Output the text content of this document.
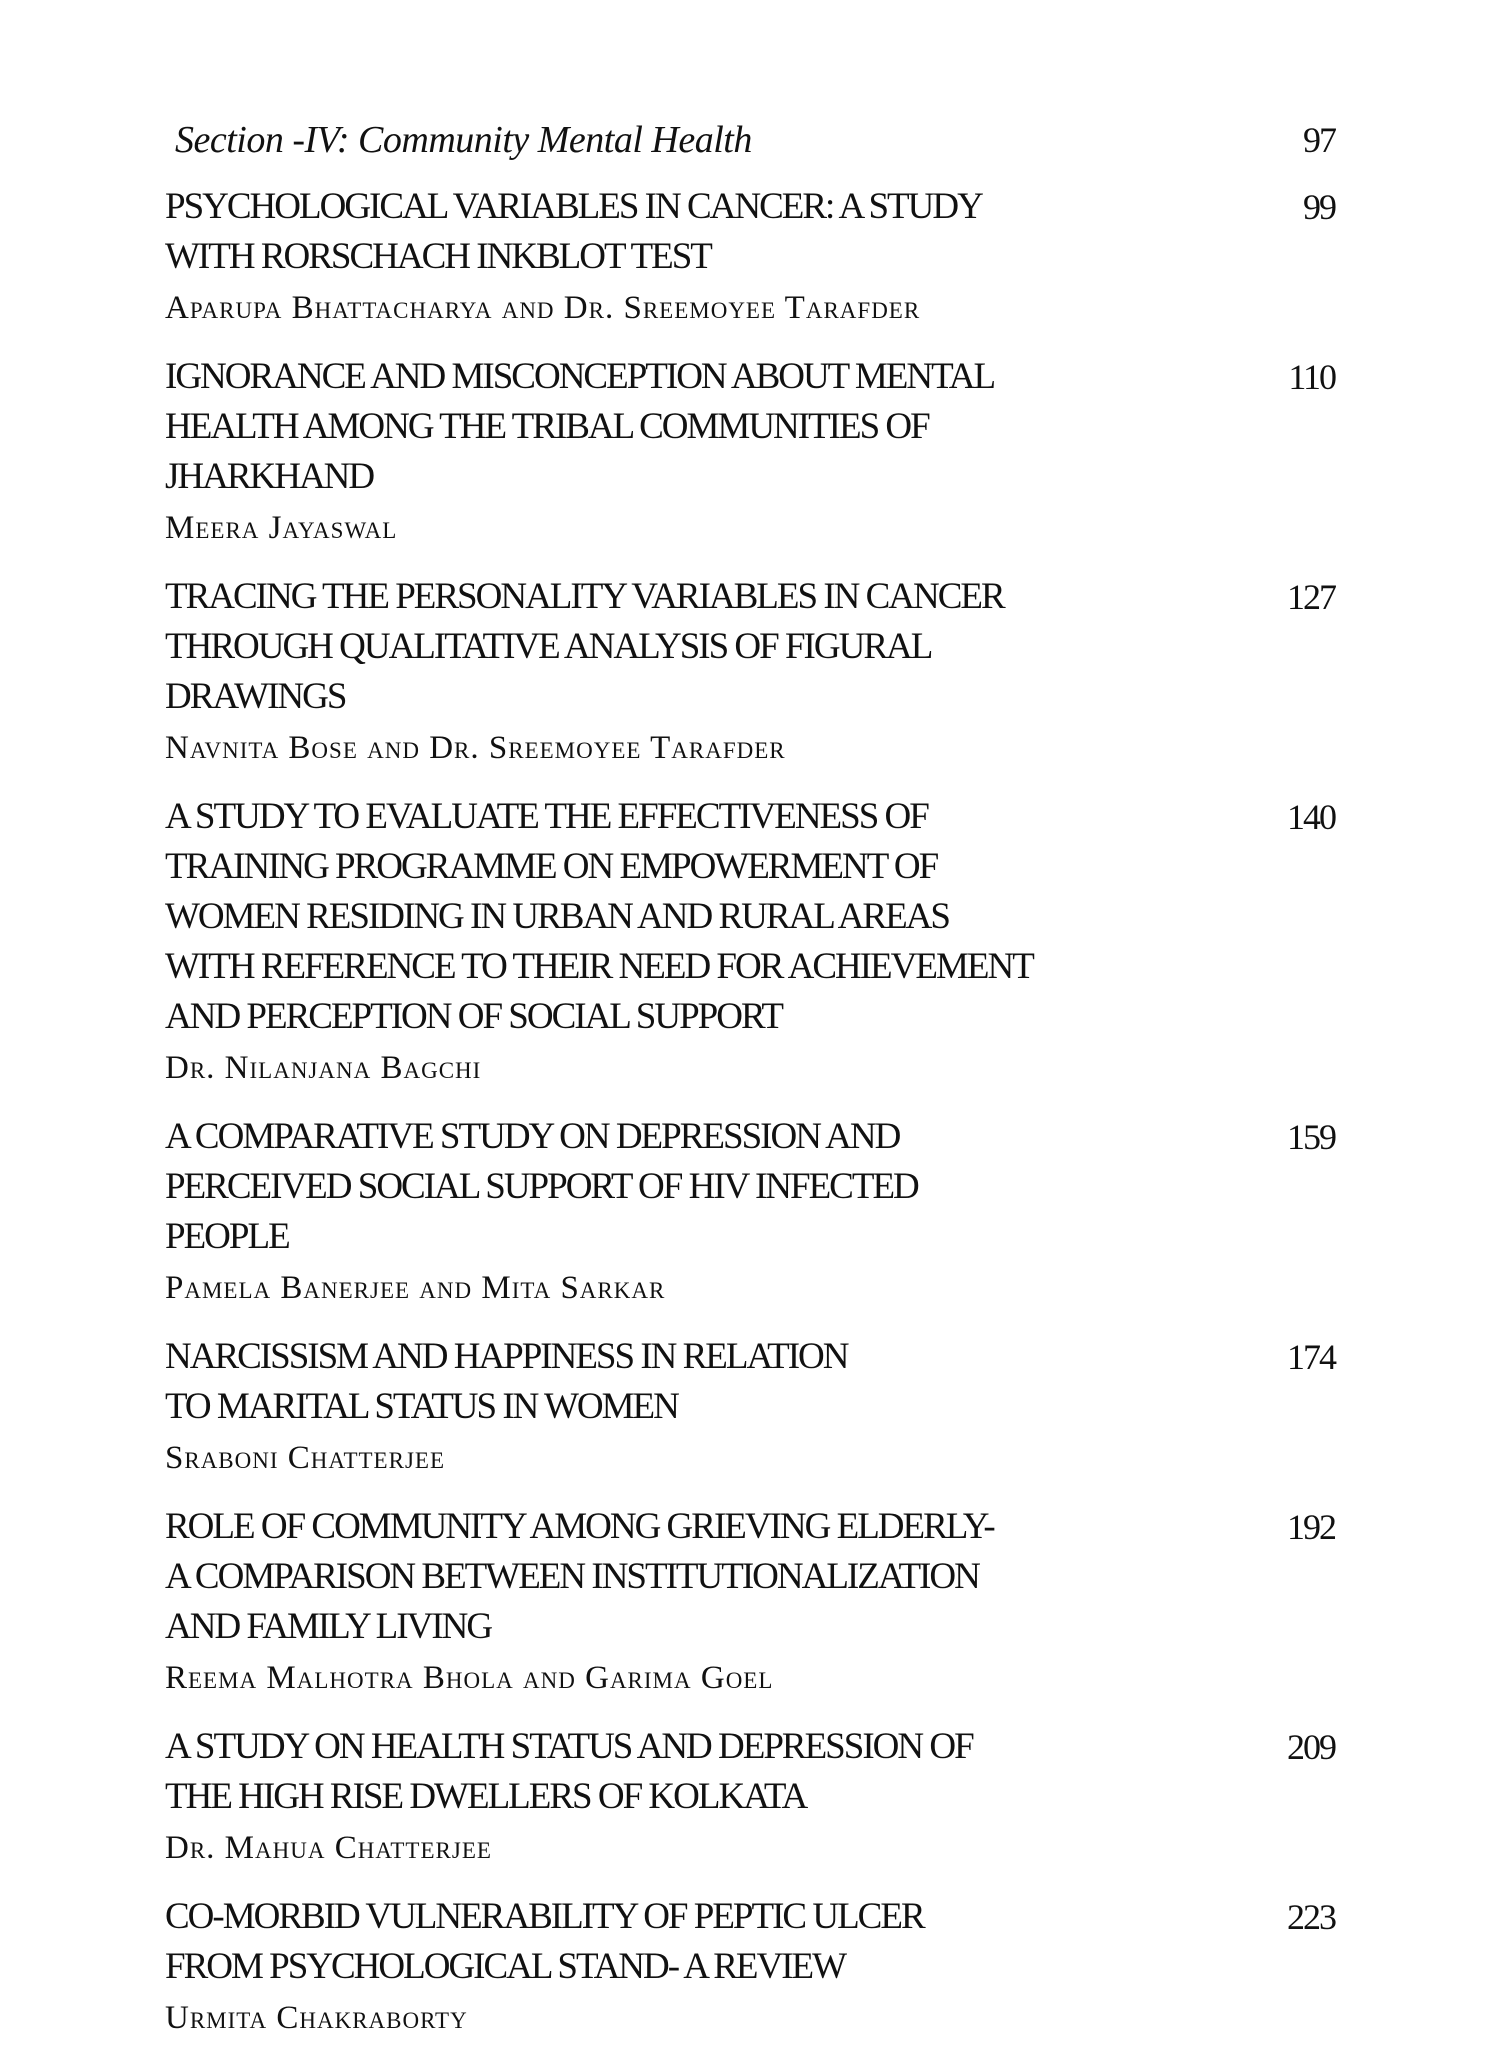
Section -IV: Community Mental Health	97
PSYCHOLOGICAL VARIABLES IN CANCER: A STUDY
WITH RORSCHACH INKBLOT TEST
Aparupa Bhattacharya and Dr. Sreemoyee Tarafder
99
IGNORANCE AND MISCONCEPTION ABOUT MENTAL
HEALTH AMONG THE TRIBAL COMMUNITIES OF
JHARKHAND
Meera Jayaswal
110
TRACING THE PERSONALITY VARIABLES IN CANCER
THROUGH QUALITATIVE ANALYSIS OF FIGURAL
DRAWINGS
Navnita Bose and Dr. Sreemoyee Tarafder
127
A STUDY TO EVALUATE THE EFFECTIVENESS OF
TRAINING PROGRAMME ON EMPOWERMENT OF
WOMEN RESIDING IN URBAN AND RURAL AREAS
WITH REFERENCE TO THEIR NEED FOR ACHIEVEMENT
AND PERCEPTION OF SOCIAL SUPPORT
Dr. Nilanjana Bagchi
140
A COMPARATIVE STUDY ON DEPRESSION AND
PERCEIVED SOCIAL SUPPORT OF HIV INFECTED
PEOPLE
Pamela Banerjee and Mita Sarkar
159
NARCISSISM AND HAPPINESS IN RELATION
TO MARITAL STATUS IN WOMEN
Sraboni Chatterjee
174
ROLE OF COMMUNITY AMONG GRIEVING ELDERLY-
A COMPARISON BETWEEN INSTITUTIONALIZATION
AND FAMILY LIVING
Reema Malhotra Bhola and Garima Goel
192
A STUDY ON HEALTH STATUS AND DEPRESSION OF
THE HIGH RISE DWELLERS OF KOLKATA
Dr. Mahua Chatterjee
209
CO-MORBID VULNERABILITY OF PEPTIC ULCER
FROM PSYCHOLOGICAL STAND- A REVIEW
Urmita Chakraborty
223
